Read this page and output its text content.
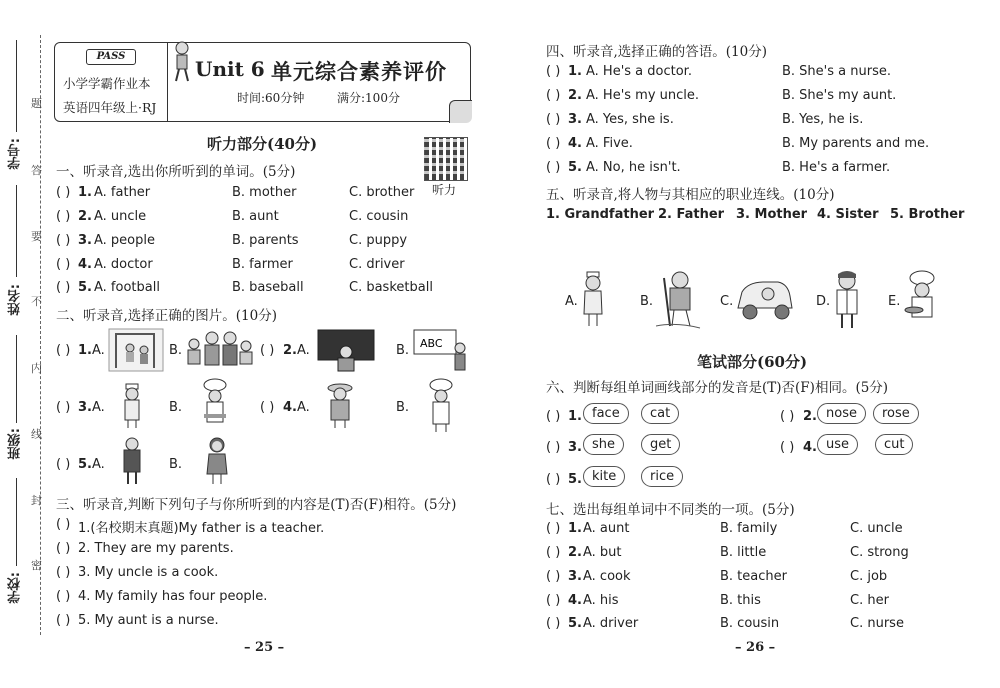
学号:
姓名:
班级:
学校:
题
答
要
不
内
线
封
密
PASS
小学学霸作业本
英语四年级上·RJ
Unit 6 单元综合素养评价
时间:60分钟	满分:100分
听力部分(40分)
听力
一、听录音,选出你所听到的单词。(5分)
( ) 1. A. father	B. mother	C. brother
( ) 2. A. uncle	B. aunt	C. cousin
( ) 3. A. people	B. parents	C. puppy
( ) 4. A. doctor	B. farmer	C. driver
( ) 5. A. football	B. baseball	C. basketball
二、听录音,选择正确的图片。(10分)
( ) 1. A.	B.	( ) 2. A.	B. ABC
( ) 3. A.	B.	( ) 4. A.	B.
( ) 5. A.	B.
三、听录音,判断下列句子与你所听到的内容是(T)否(F)相符。(5分)
( ) 1.(名校期末真题)My father is a teacher.
( ) 2. They are my parents.
( ) 3. My uncle is a cook.
( ) 4. My family has four people.
( ) 5. My aunt is a nurse.
– 25 –
四、听录音,选择正确的答语。(10分)
( ) 1. A. He's a doctor.	B. She's a nurse.
( ) 2. A. He's my uncle.	B. She's my aunt.
( ) 3. A. Yes, she is.	B. Yes, he is.
( ) 4. A. Five.	B. My parents and me.
( ) 5. A. No, he isn't.	B. He's a farmer.
五、听录音,将人物与其相应的职业连线。(10分)
1. Grandfather 2. Father 3. Mother 4. Sister 5. Brother
A.	B.	C.	D.	E.
笔试部分(60分)
六、判断每组单词画线部分的发音是(T)否(F)相同。(5分)
( ) 1. face	cat	( ) 2. nose	rose
( ) 3. she	get	( ) 4. use	cut
( ) 5. kite	rice
七、选出每组单词中不同类的一项。(5分)
( ) 1. A. aunt	B. family	C. uncle
( ) 2. A. but	B. little	C. strong
( ) 3. A. cook	B. teacher	C. job
( ) 4. A. his	B. this	C. her
( ) 5. A. driver	B. cousin	C. nurse
– 26 –
